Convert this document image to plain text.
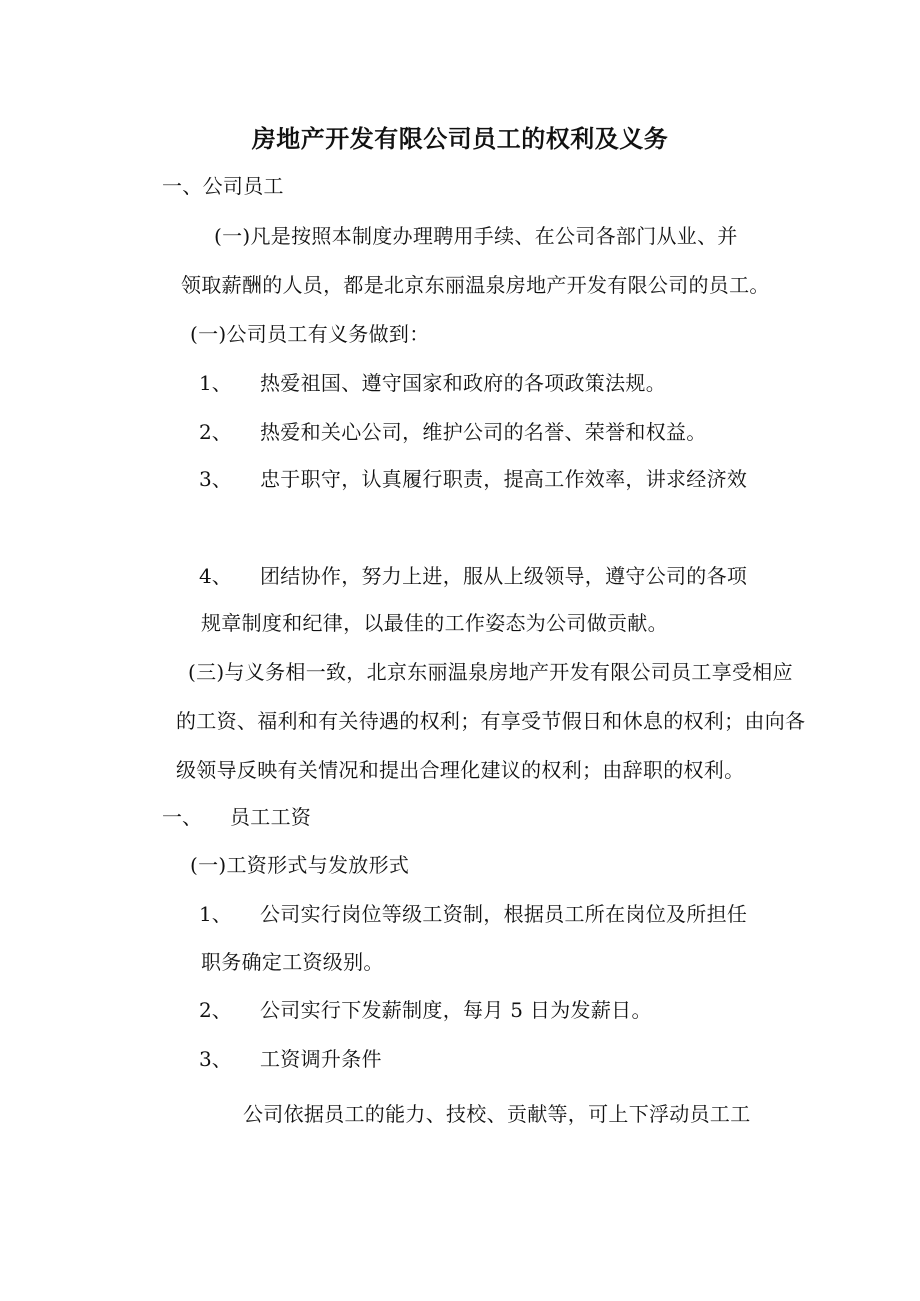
房地产开发有限公司员工的权利及义务
一、公司员工
(一)凡是按照本制度办理聘用手续、在公司各部门从业、并
领取薪酬的人员，都是北京东丽温泉房地产开发有限公司的员工。
(一)公司员工有义务做到：
1、 热爱祖国、遵守国家和政府的各项政策法规。
2、 热爱和关心公司，维护公司的名誉、荣誉和权益。
3、 忠于职守，认真履行职责，提高工作效率，讲求经济效
4、 团结协作，努力上进，服从上级领导，遵守公司的各项
规章制度和纪律，以最佳的工作姿态为公司做贡献。
(三)与义务相一致，北京东丽温泉房地产开发有限公司员工享受相应
的工资、福利和有关待遇的权利；有享受节假日和休息的权利；由向各
级领导反映有关情况和提出合理化建议的权利；由辞职的权利。
一、 员工工资
(一)工资形式与发放形式
1、 公司实行岗位等级工资制，根据员工所在岗位及所担任
职务确定工资级别。
2、 公司实行下发薪制度，每月 5 日为发薪日。
3、 工资调升条件
公司依据员工的能力、技校、贡献等，可上下浮动员工工
